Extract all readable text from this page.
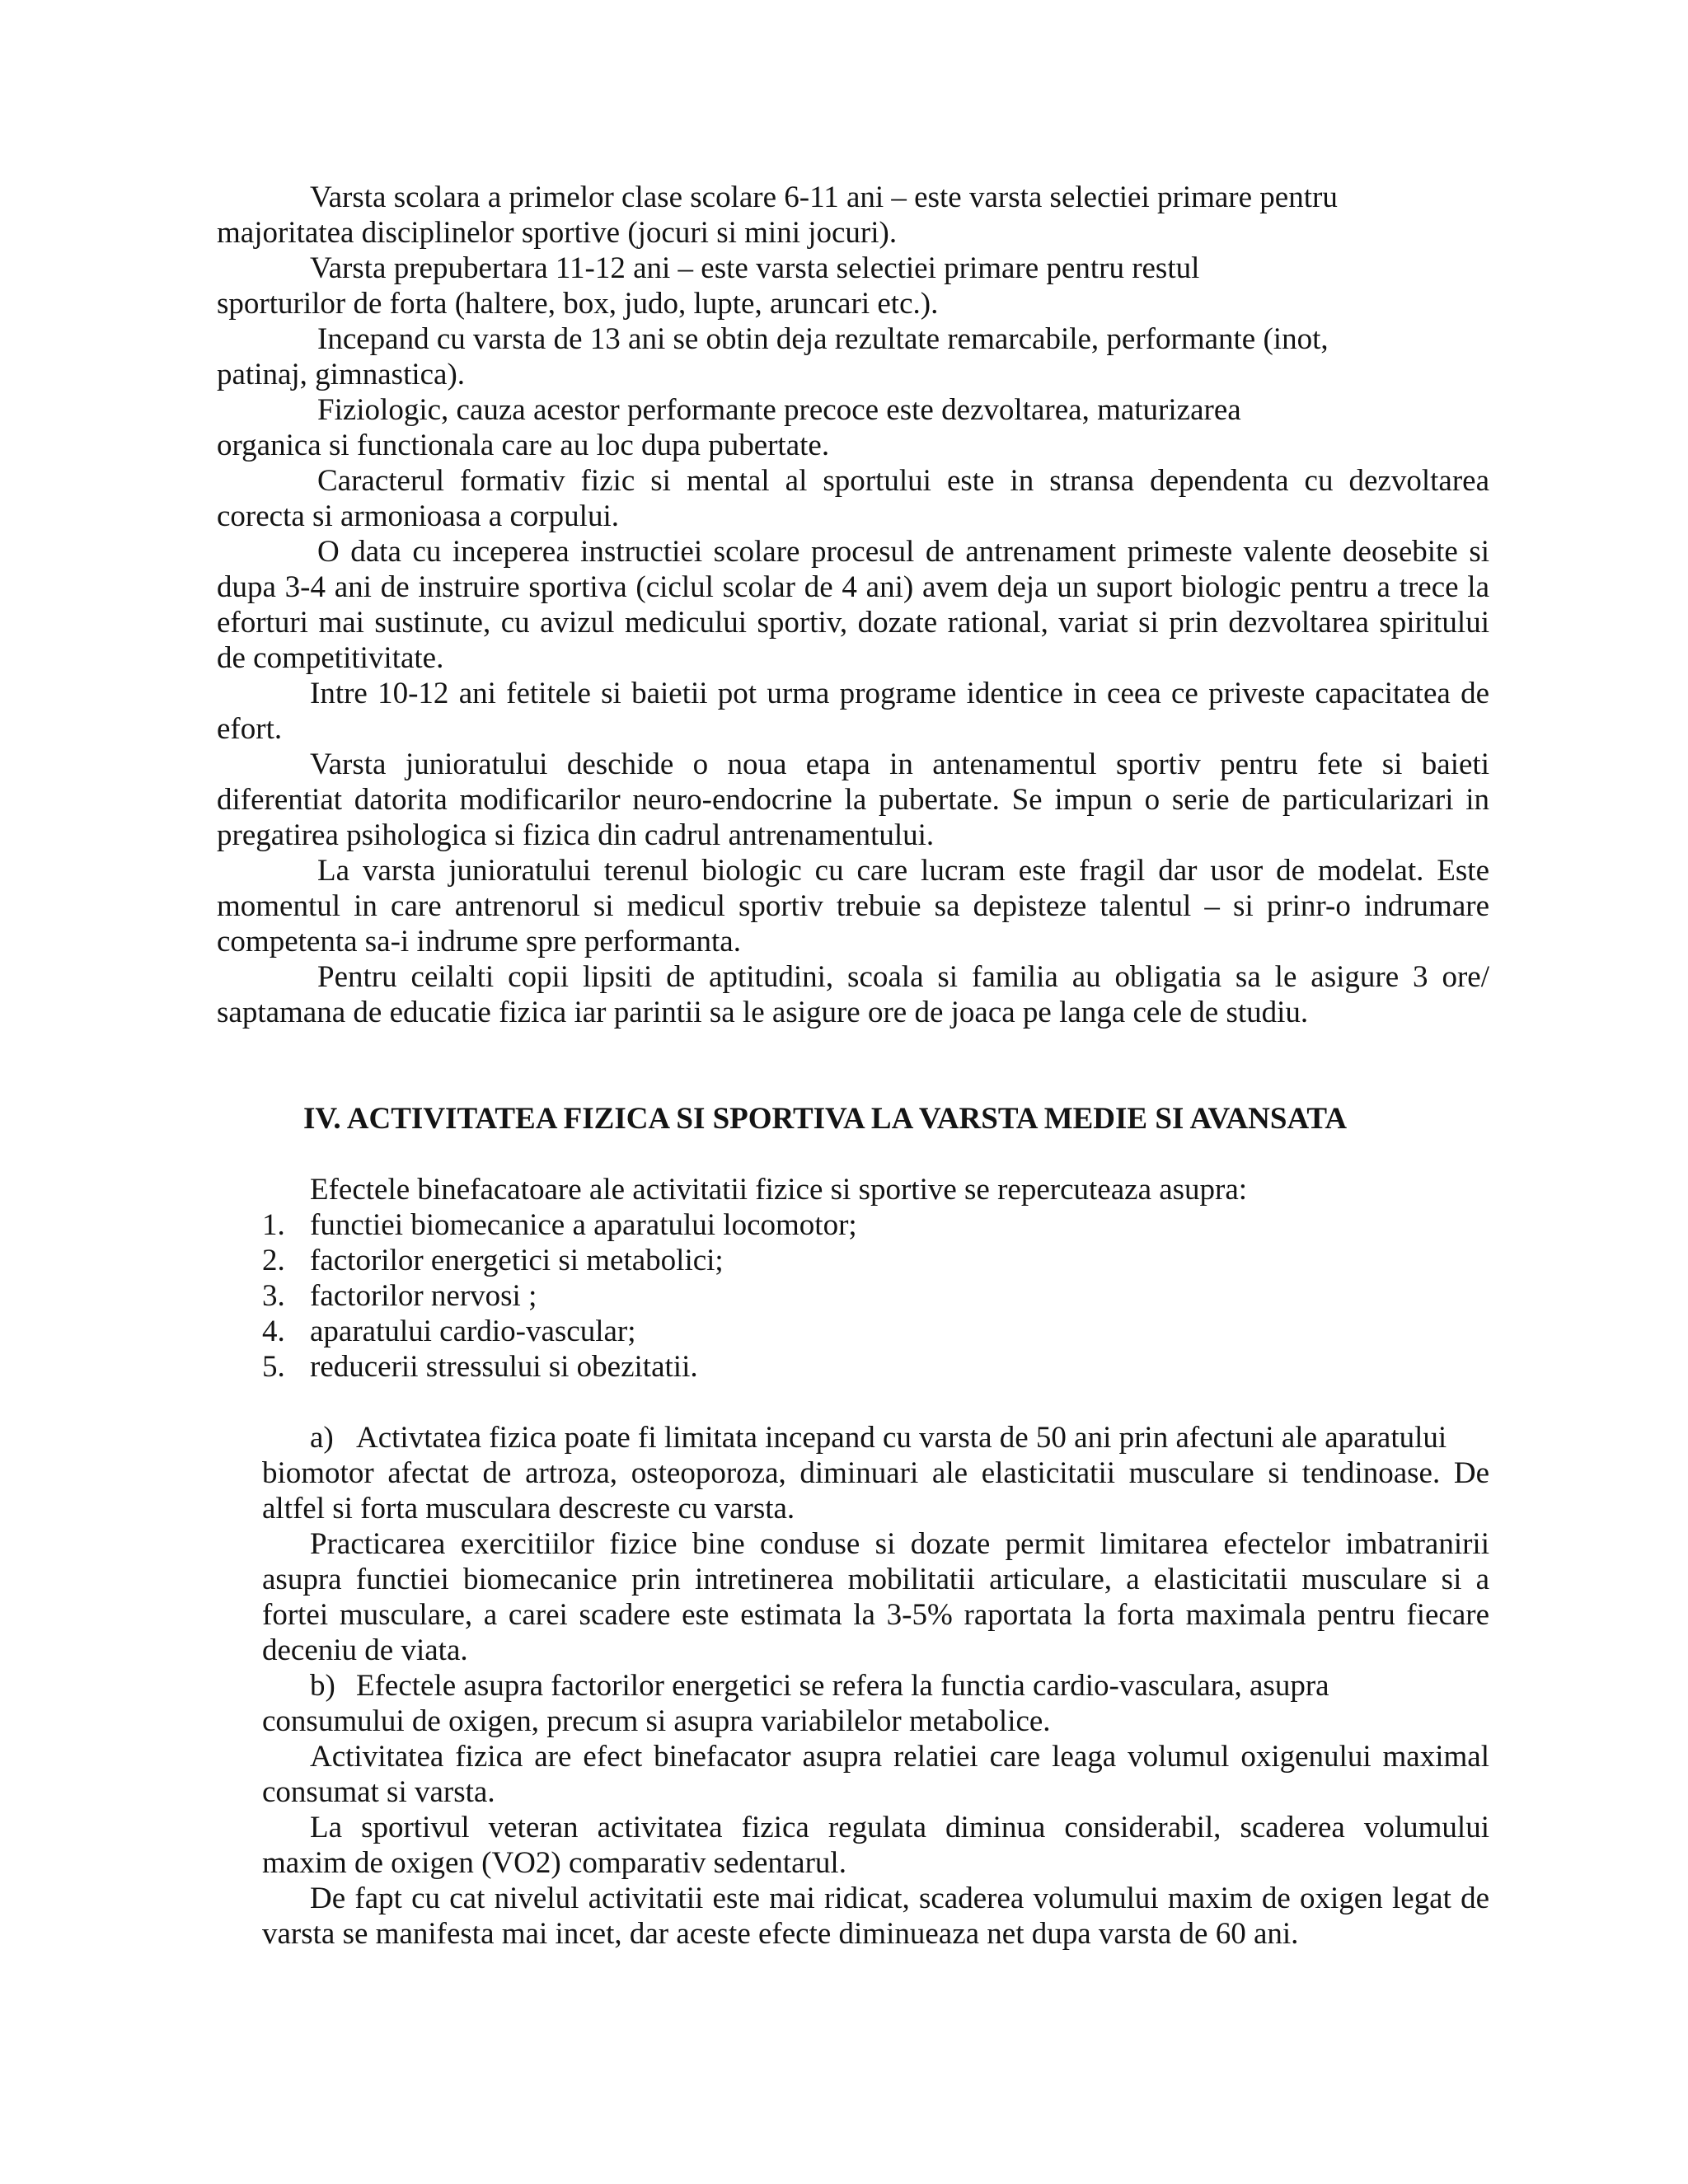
Varsta scolara a primelor clase scolare 6-11 ani – este varsta selectiei primare pentru
majoritatea disciplinelor sportive (jocuri si mini jocuri).
Varsta prepubertara 11-12 ani – este varsta selectiei primare pentru restul
sporturilor de forta (haltere, box, judo, lupte, aruncari etc.).
Incepand cu varsta de 13 ani se obtin deja rezultate remarcabile, performante (inot,
patinaj, gimnastica).
Fiziologic, cauza acestor performante precoce este dezvoltarea, maturizarea
organica si functionala care au loc dupa pubertate.
Caracterul formativ fizic si mental al sportului este in stransa dependenta cu dezvoltarea
corecta si armonioasa a corpului.
O data cu inceperea instructiei scolare procesul de antrenament primeste valente deosebite si
dupa 3-4 ani de instruire sportiva (ciclul scolar de 4 ani) avem deja un suport biologic pentru a trece la
eforturi mai sustinute, cu avizul medicului sportiv, dozate rational, variat si prin dezvoltarea spiritului
de competitivitate.
Intre 10-12 ani fetitele si baietii pot urma programe identice in ceea ce priveste capacitatea de
efort.
Varsta junioratului deschide o noua etapa in antenamentul sportiv pentru fete si baieti
diferentiat datorita modificarilor neuro-endocrine la pubertate. Se impun o serie de particularizari in
pregatirea psihologica si fizica din cadrul antrenamentului.
La varsta junioratului terenul biologic cu care lucram este fragil dar usor de modelat. Este
momentul in care antrenorul si medicul sportiv trebuie sa depisteze talentul – si prinr-o indrumare
competenta sa-i indrume spre performanta.
Pentru ceilalti copii lipsiti de aptitudini, scoala si familia au obligatia sa le asigure 3 ore/
saptamana de educatie fizica iar parintii sa le asigure ore de joaca pe langa cele de studiu.
IV. ACTIVITATEA FIZICA SI SPORTIVA LA VARSTA MEDIE SI AVANSATA
Efectele binefacatoare ale activitatii fizice si sportive se repercuteaza asupra:
1. functiei biomecanice a aparatului locomotor;
2. factorilor energetici si metabolici;
3. factorilor nervosi ;
4. aparatului cardio-vascular;
5. reducerii stressului si obezitatii.
a) Activtatea fizica poate fi limitata incepand cu varsta de 50 ani prin afectuni ale aparatului
biomotor afectat de artroza, osteoporoza, diminuari ale elasticitatii musculare si tendinoase. De
altfel si forta musculara descreste cu varsta.
Practicarea exercitiilor fizice bine conduse si dozate permit limitarea efectelor imbatranirii
asupra functiei biomecanice prin intretinerea mobilitatii articulare, a elasticitatii musculare si a
fortei musculare, a carei scadere este estimata la 3-5% raportata la forta maximala pentru fiecare
deceniu de viata.
b) Efectele asupra factorilor energetici se refera la functia cardio-vasculara, asupra
consumului de oxigen, precum si asupra variabilelor metabolice.
Activitatea fizica are efect binefacator asupra relatiei care leaga volumul oxigenului maximal
consumat si varsta.
La sportivul veteran activitatea fizica regulata diminua considerabil, scaderea volumului
maxim de oxigen (VO2) comparativ sedentarul.
De fapt cu cat nivelul activitatii este mai ridicat, scaderea volumului maxim de oxigen legat de
varsta se manifesta mai incet, dar aceste efecte diminueaza net dupa varsta de 60 ani.
